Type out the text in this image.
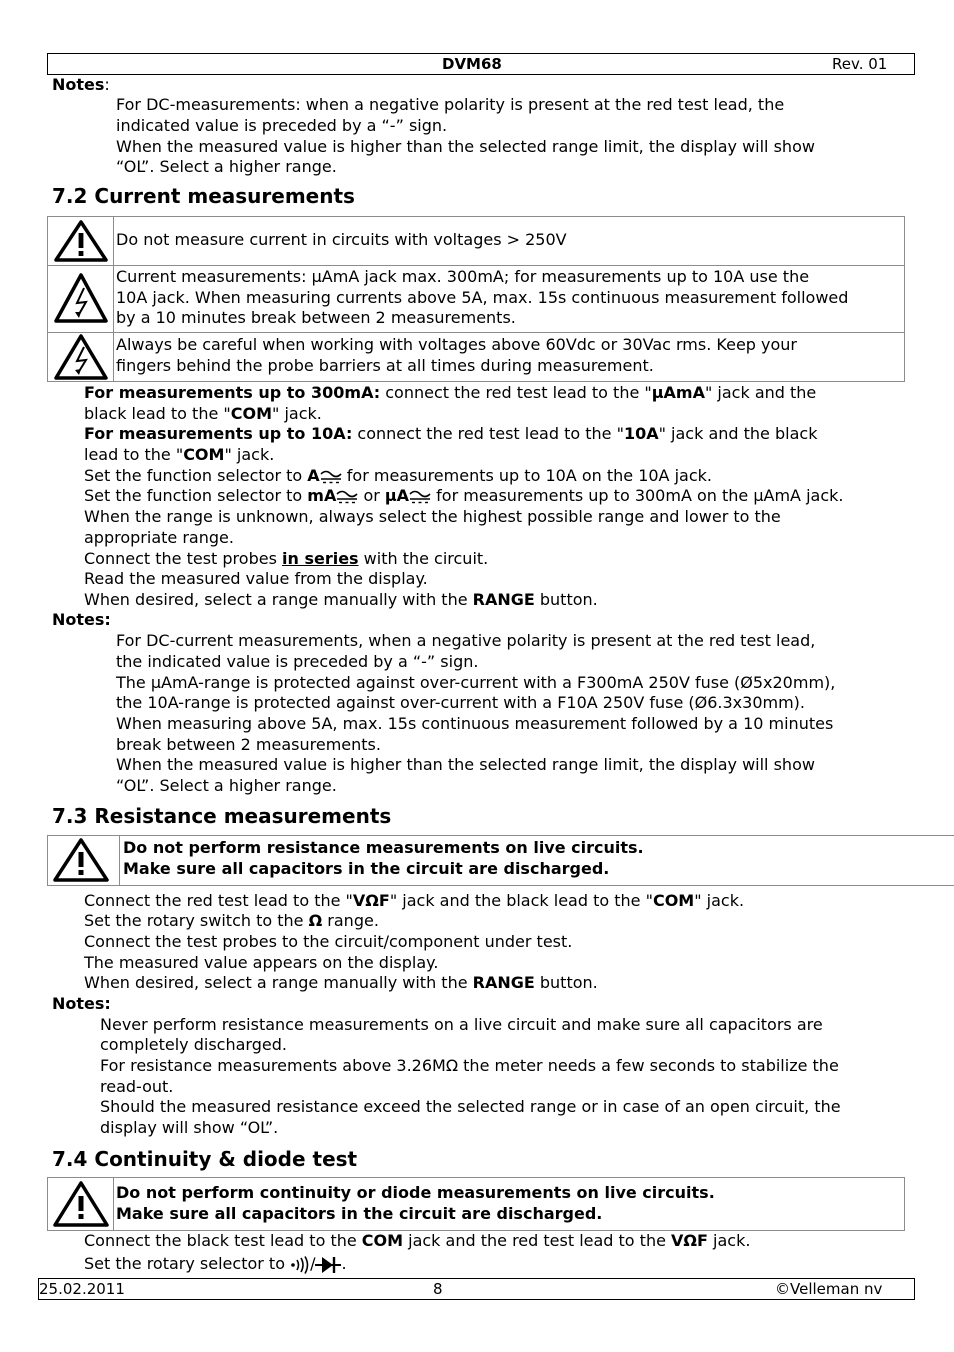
DVM68	Rev. 01
Notes:
For DC-measurements: when a negative polarity is present at the red test lead, the
indicated value is preceded by a “-” sign.
When the measured value is higher than the selected range limit, the display will show
“OL”. Select a higher range.
7.2 Current measurements
Do not measure current in circuits with voltages > 250V
Current measurements: µAmA jack max. 300mA; for measurements up to 10A use the
10A jack. When measuring currents above 5A, max. 15s continuous measurement followed
by a 10 minutes break between 2 measurements.
Always be careful when working with voltages above 60Vdc or 30Vac rms. Keep your
fingers behind the probe barriers at all times during measurement.
For measurements up to 300mA: connect the red test lead to the "µAmA" jack and the
black lead to the "COM" jack.
For measurements up to 10A: connect the red test lead to the "10A" jack and the black
lead to the "COM" jack.
Set the function selector to A for measurements up to 10A on the 10A jack.
Set the function selector to mA or µA for measurements up to 300mA on the µAmA jack.
When the range is unknown, always select the highest possible range and lower to the
appropriate range.
Connect the test probes in series with the circuit.
Read the measured value from the display.
When desired, select a range manually with the RANGE button.
Notes:
For DC-current measurements, when a negative polarity is present at the red test lead,
the indicated value is preceded by a “-” sign.
The µAmA-range is protected against over-current with a F300mA 250V fuse (Ø5x20mm),
the 10A-range is protected against over-current with a F10A 250V fuse (Ø6.3x30mm).
When measuring above 5A, max. 15s continuous measurement followed by a 10 minutes
break between 2 measurements.
When the measured value is higher than the selected range limit, the display will show
“OL”. Select a higher range.
7.3 Resistance measurements
Do not perform resistance measurements on live circuits.
Make sure all capacitors in the circuit are discharged.
Connect the red test lead to the "VΩF" jack and the black lead to the "COM" jack.
Set the rotary switch to the Ω range.
Connect the test probes to the circuit/component under test.
The measured value appears on the display.
When desired, select a range manually with the RANGE button.
Notes:
Never perform resistance measurements on a live circuit and make sure all capacitors are
completely discharged.
For resistance measurements above 3.26MΩ the meter needs a few seconds to stabilize the
read-out.
Should the measured resistance exceed the selected range or in case of an open circuit, the
display will show “OL”.
7.4 Continuity & diode test
Do not perform continuity or diode measurements on live circuits.
Make sure all capacitors in the circuit are discharged.
Connect the black test lead to the COM jack and the red test lead to the VΩF jack.
Set the rotary selector to / .
25.02.2011	8	©Velleman nv
